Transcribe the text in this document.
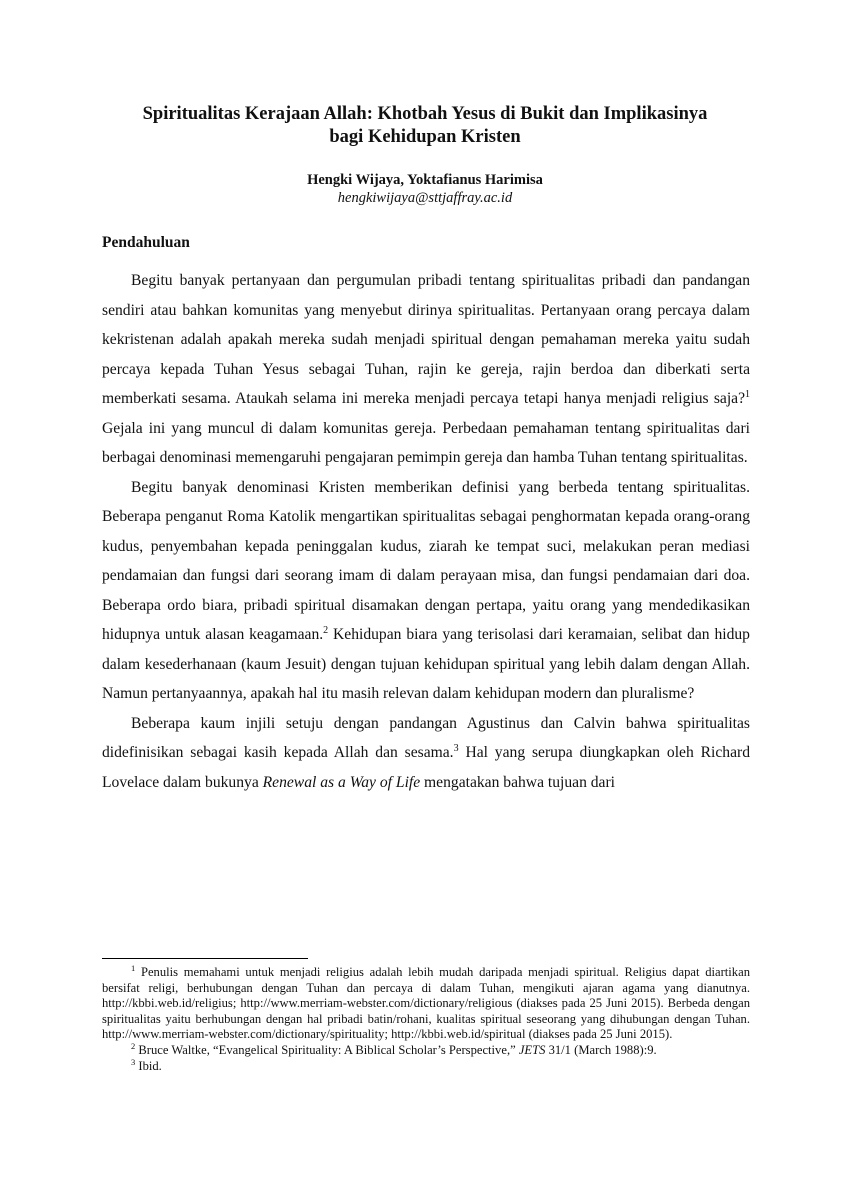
Spiritualitas Kerajaan Allah: Khotbah Yesus di Bukit dan Implikasinya
bagi Kehidupan Kristen
Hengki Wijaya, Yoktafianus Harimisa
hengkiwijaya@sttjaffray.ac.id
Pendahuluan

Begitu banyak pertanyaan dan pergumulan pribadi tentang spiritualitas pribadi dan pandangan sendiri atau bahkan komunitas yang menyebut dirinya spiritualitas. Pertanyaan orang percaya dalam kekristenan adalah apakah mereka sudah menjadi spiritual dengan pemahaman mereka yaitu sudah percaya kepada Tuhan Yesus sebagai Tuhan, rajin ke gereja, rajin berdoa dan diberkati serta memberkati sesama. Ataukah selama ini mereka menjadi percaya tetapi hanya menjadi religius saja?$^1$ Gejala ini yang muncul di dalam komunitas gereja. Perbedaan pemahaman tentang spiritualitas dari berbagai denominasi memengaruhi pengajaran pemimpin gereja dan hamba Tuhan tentang spiritualitas.

Begitu banyak denominasi Kristen memberikan definisi yang berbeda tentang spiritualitas. Beberapa penganut Roma Katolik mengartikan spiritualitas sebagai penghormatan kepada orang-orang kudus, penyembahan kepada peninggalan kudus, ziarah ke tempat suci, melakukan peran mediasi pendamaian dan fungsi dari seorang imam di dalam perayaan misa, dan fungsi pendamaian dari doa. Beberapa ordo biara, pribadi spiritual disamakan dengan pertapa, yaitu orang yang mendedikasikan hidupnya untuk alasan keagamaan.$^2$ Kehidupan biara yang terisolasi dari keramaian, selibat dan hidup dalam kesederhanaan (kaum Jesuit) dengan tujuan kehidupan spiritual yang lebih dalam dengan Allah. Namun pertanyaannya, apakah hal itu masih relevan dalam kehidupan modern dan pluralisme?

Beberapa kaum injili setuju dengan pandangan Agustinus dan Calvin bahwa spiritualitas didefinisikan sebagai kasih kepada Allah dan sesama.$^3$ Hal yang serupa diungkapkan oleh Richard Lovelace dalam bukunya Renewal as a Way of Life mengatakan bahwa tujuan dari

$^1$ Penulis memahami untuk menjadi religius adalah lebih mudah daripada menjadi spiritual. Religius dapat diartikan bersifat religi, berhubungan dengan Tuhan dan percaya di dalam Tuhan, mengikuti ajaran agama yang dianutnya. http://kbbi.web.id/religius; http://www.merriam-webster.com/dictionary/religious (diakses pada 25 Juni 2015). Berbeda dengan spiritualitas yaitu berhubungan dengan hal pribadi batin/rohani, kualitas spiritual seseorang yang dihubungan dengan Tuhan. http://www.merriam-webster.com/dictionary/spirituality; http://kbbi.web.id/spiritual (diakses pada 25 Juni 2015).

$^2$ Bruce Waltke, “Evangelical Spirituality: A Biblical Scholar’s Perspective,” JETS 31/1 (March 1988):9.

$^3$ Ibid.
